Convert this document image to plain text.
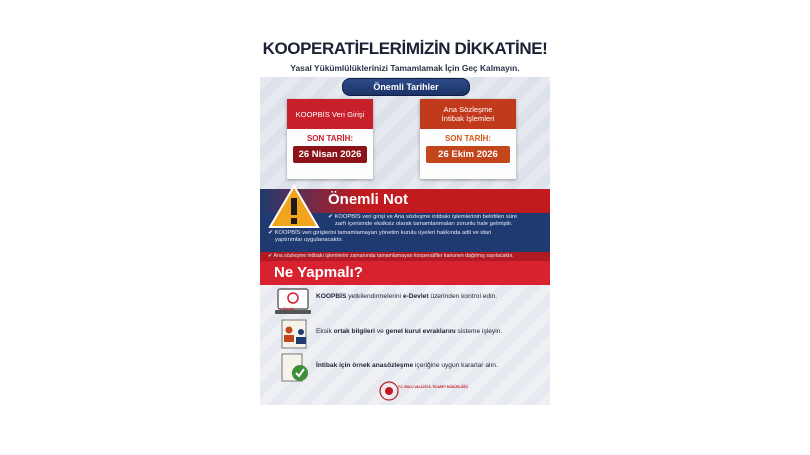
KOOPERATİFLERİMİZİN DİKKATİNE!
Yasal Yükümlülüklerinizi Tamamlamak İçin Geç Kalmayın.
Önemli Tarihler
KOOPBİS Veri Girişi
SON TARİH:
26 Nisan 2026
Ana Sözleşme
İntibak İşlemleri
SON TARİH:
26 Ekim 2026
Önemli Not
✔ KOOPBİS veri girişi ve Ana sözleşme intibakı işlemlerinin belirtilen süre
zarfı içerisinde eksiksiz olarak tamamlanmaları zorunlu hale gelmiştir.
✔ KOOPBİS veri girişlerini tamamlamayan yönetim kurulu üyeleri hakkında adli ve idari
yaptırımlar uygulanacaktır.
✔ Ana sözleşme intibakı işlemlerini zamanında tamamlamayan kooperatifler kanunen dağılmış sayılacaktır.
Ne Yapmalı?
e-Devlet
KOOPBİS yetkilendirmelerini e-Devlet üzerinden kontrol edin.
Eksik ortak bilgileri ve genel kurul evraklarını sisteme işleyin.
İntibak için örnek anasözleşme içeriğine uygun kararlar alın.
T.C. BOLU VALİLİĞİ İL TİCARET MÜDÜRLÜĞÜ
